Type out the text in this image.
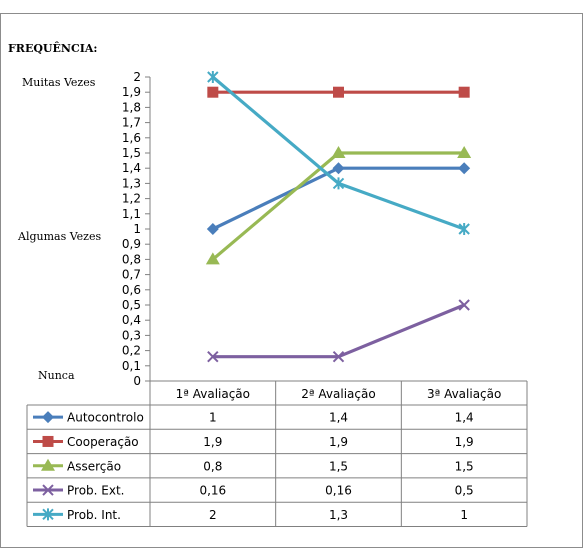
FREQUÊNCIA:
Muitas Vezes
Algumas Vezes
Nunca	0
0,1
0,2
0,3
0,4
0,5
0,6
0,7
0,8
0,9
1
1,1
1,2
1,3
1,4
1,5
1,6
1,7
1,8
1,9
2
1ª Avaliação	2ª Avaliação	3ª Avaliação
Autocontrolo	1	1,4	1,4
Cooperação	1,9	1,9	1,9
Asserção	0,8	1,5	1,5
Prob. Ext.	0,16	0,16	0,5
Prob. Int.	2	1,3	1
